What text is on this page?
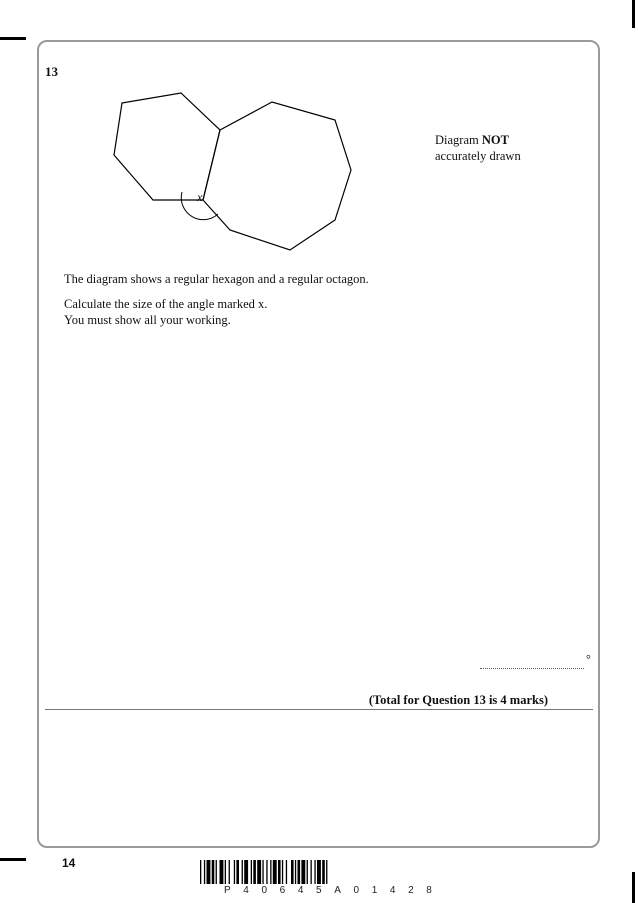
13
x
Diagram NOT
accurately drawn
The diagram shows a regular hexagon and a regular octagon.
Calculate the size of the angle marked x.
You must show all your working.
°
(Total for Question 13 is 4 marks)
14
P 4 0 6 4 5 A 0 1 4 2 8
